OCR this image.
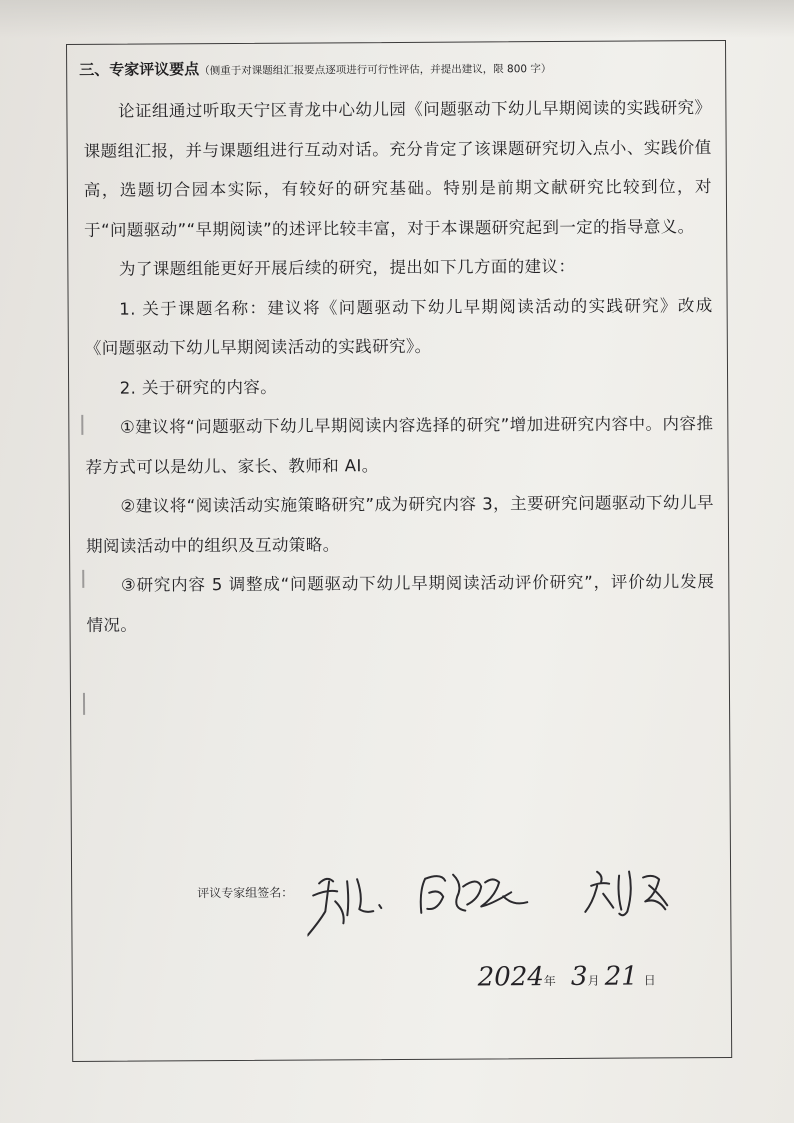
三、专家评议要点（侧重于对课题组汇报要点逐项进行可行性评估，并提出建议，限 800 字）

论证组通过听取天宁区青龙中心幼儿园《问题驱动下幼儿早期阅读的实践研究》课题组汇报，并与课题组进行互动对话。充分肯定了该课题研究切入点小、实践价值高，选题切合园本实际，有较好的研究基础。特别是前期文献研究比较到位，对于“问题驱动”“早期阅读”的述评比较丰富，对于本课题研究起到一定的指导意义。

为了课题组能更好开展后续的研究，提出如下几方面的建议：

1. 关于课题名称：建议将《问题驱动下幼儿早期阅读活动的实践研究》改成《问题驱动下幼儿早期阅读活动的实践研究》。

2. 关于研究的内容。

①建议将“问题驱动下幼儿早期阅读内容选择的研究”增加进研究内容中。内容推荐方式可以是幼儿、家长、教师和 AI。

②建议将“阅读活动实施策略研究”成为研究内容 3，主要研究问题驱动下幼儿早期阅读活动中的组织及互动策略。

③研究内容 5 调整成“问题驱动下幼儿早期阅读活动评价研究”，评价幼儿发展情况。

评议专家组签名：
2024年 3月 21 日
